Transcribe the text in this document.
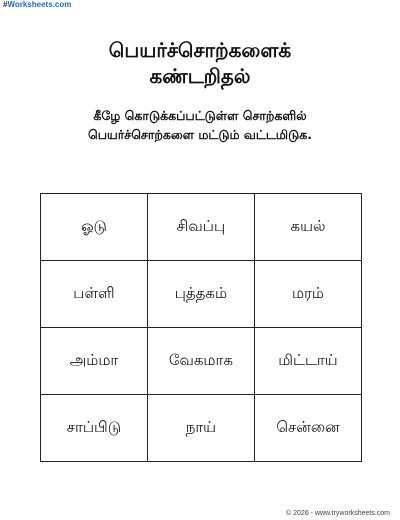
#Worksheets.com
பெயர்ச்சொற்களைக்
கண்டறிதல்
கீழே கொடுக்கப்பட்டுள்ள சொற்களில்
பெயர்ச்சொற்களை மட்டும் வட்டமிடுக.
ஓடு	சிவப்பு	கயல்
பள்ளி	புத்தகம்	மரம்
அம்மா	வேகமாக	மிட்டாய்
சாப்பிடு	நாய்	சென்னை
© 2026 - www.tryworksheets.com
